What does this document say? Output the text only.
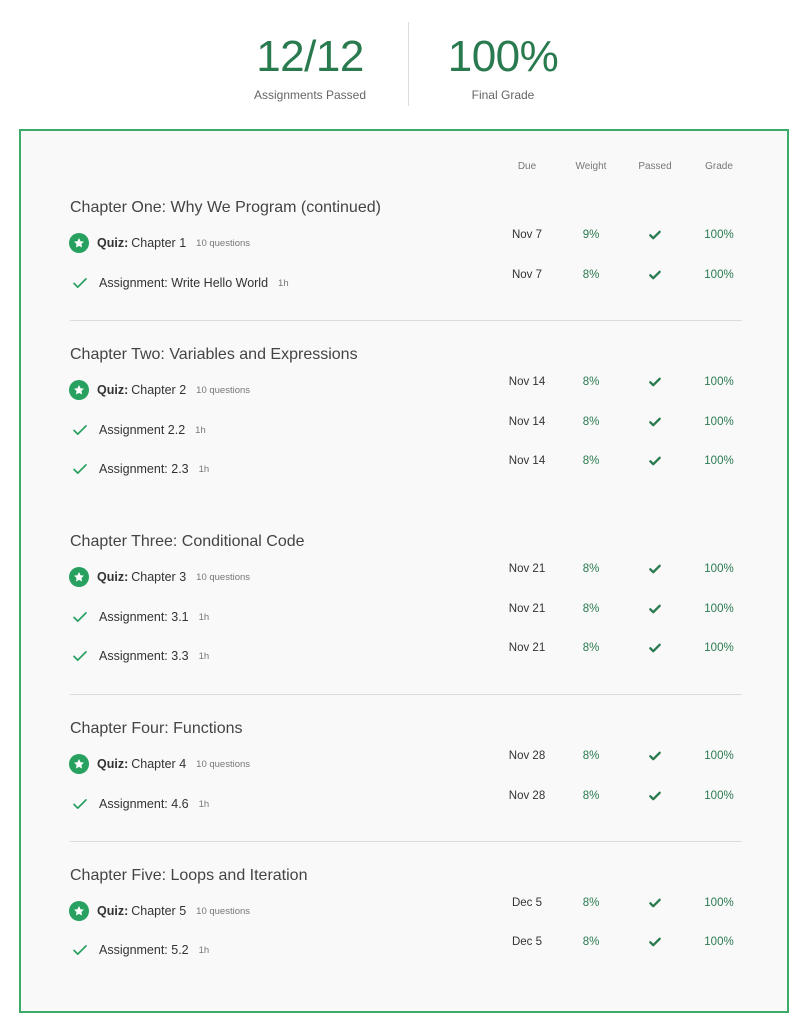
12/12
Assignments Passed
100%
Final Grade
Due	Weight	Passed	Grade
Chapter One: Why We Program (continued)
Quiz: Chapter 1 10 questions
Nov 7	9%	100%
Assignment: Write Hello World 1h
Nov 7	8%	100%
Chapter Two: Variables and Expressions
Quiz: Chapter 2 10 questions
Nov 14	8%	100%
Assignment 2.2 1h
Nov 14	8%	100%
Assignment: 2.3 1h
Nov 14	8%	100%
Chapter Three: Conditional Code
Quiz: Chapter 3 10 questions
Nov 21	8%	100%
Assignment: 3.1 1h
Nov 21	8%	100%
Assignment: 3.3 1h
Nov 21	8%	100%
Chapter Four: Functions
Quiz: Chapter 4 10 questions
Nov 28	8%	100%
Assignment: 4.6 1h
Nov 28	8%	100%
Chapter Five: Loops and Iteration
Quiz: Chapter 5 10 questions
Dec 5	8%	100%
Assignment: 5.2 1h
Dec 5	8%	100%
